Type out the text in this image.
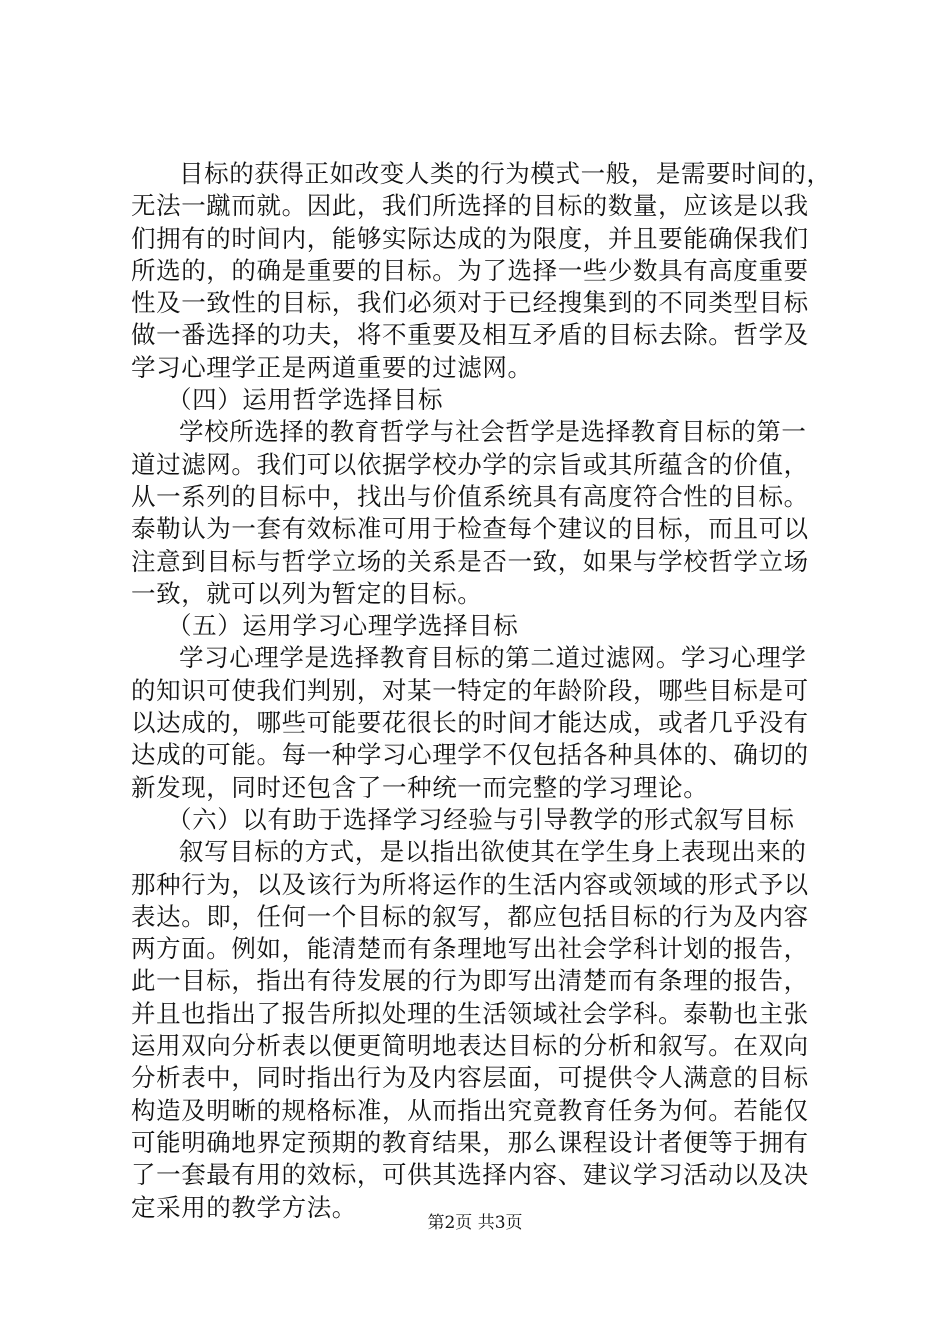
目标的获得正如改变人类的行为模式一般，是需要时间的，
无法一蹴而就。因此，我们所选择的目标的数量，应该是以我
们拥有的时间内，能够实际达成的为限度，并且要能确保我们
所选的，的确是重要的目标。为了选择一些少数具有高度重要
性及一致性的目标，我们必须对于已经搜集到的不同类型目标
做一番选择的功夫，将不重要及相互矛盾的目标去除。哲学及
学习心理学正是两道重要的过滤网。
（四）运用哲学选择目标
学校所选择的教育哲学与社会哲学是选择教育目标的第一
道过滤网。我们可以依据学校办学的宗旨或其所蕴含的价值，
从一系列的目标中，找出与价值系统具有高度符合性的目标。
泰勒认为一套有效标准可用于检查每个建议的目标，而且可以
注意到目标与哲学立场的关系是否一致，如果与学校哲学立场
一致，就可以列为暂定的目标。
（五）运用学习心理学选择目标
学习心理学是选择教育目标的第二道过滤网。学习心理学
的知识可使我们判别，对某一特定的年龄阶段，哪些目标是可
以达成的，哪些可能要花很长的时间才能达成，或者几乎没有
达成的可能。每一种学习心理学不仅包括各种具体的、确切的
新发现，同时还包含了一种统一而完整的学习理论。
（六）以有助于选择学习经验与引导教学的形式叙写目标
叙写目标的方式，是以指出欲使其在学生身上表现出来的
那种行为，以及该行为所将运作的生活内容或领域的形式予以
表达。即，任何一个目标的叙写，都应包括目标的行为及内容
两方面。例如，能清楚而有条理地写出社会学科计划的报告，
此一目标，指出有待发展的行为即写出清楚而有条理的报告，
并且也指出了报告所拟处理的生活领域社会学科。泰勒也主张
运用双向分析表以便更简明地表达目标的分析和叙写。在双向
分析表中，同时指出行为及内容层面，可提供令人满意的目标
构造及明晰的规格标准，从而指出究竟教育任务为何。若能仅
可能明确地界定预期的教育结果，那么课程设计者便等于拥有
了一套最有用的效标，可供其选择内容、建议学习活动以及决
定采用的教学方法。
第2页 共3页
